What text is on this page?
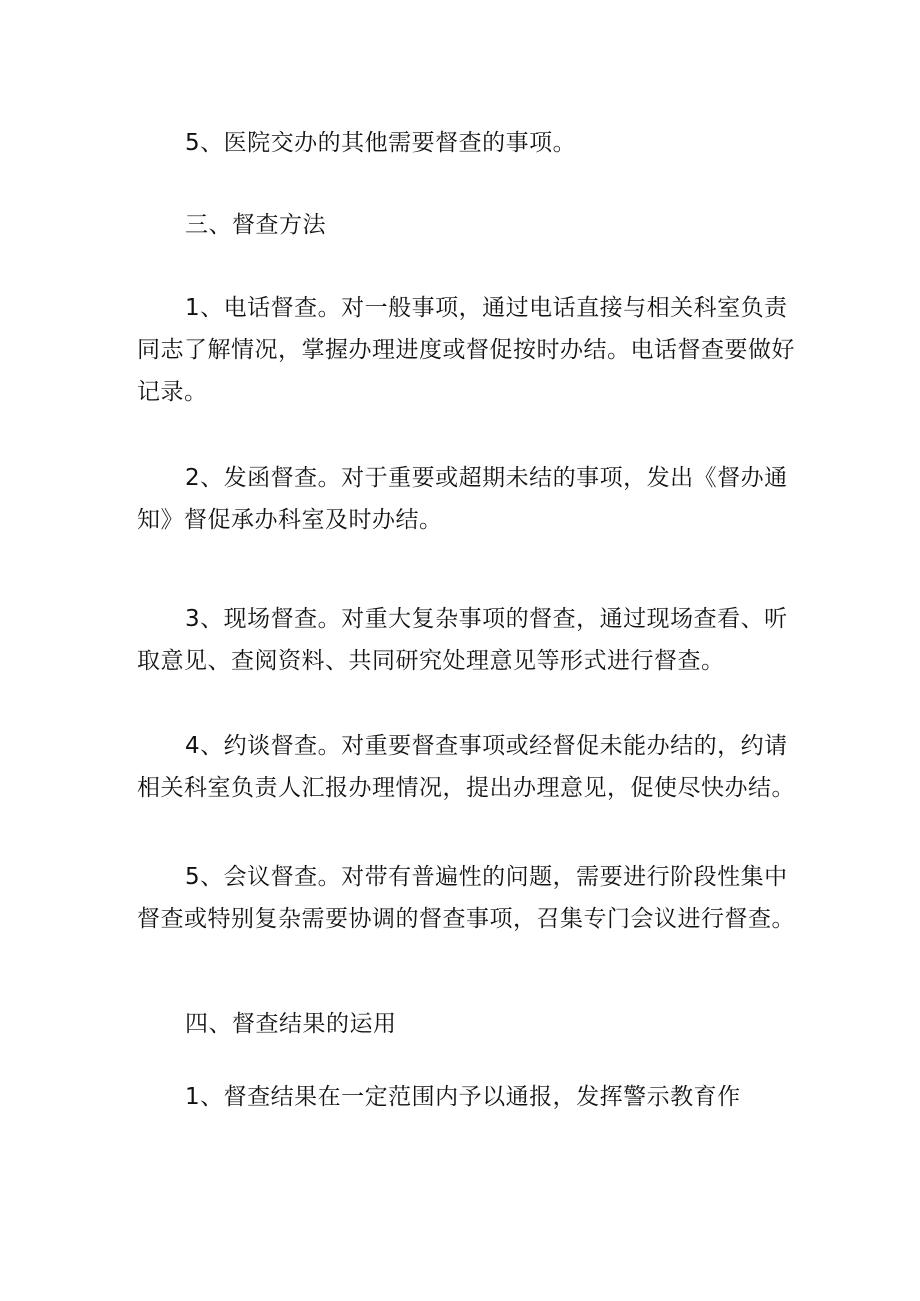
5、医院交办的其他需要督查的事项。

三、督查方法

1、电话督查。对一般事项，通过电话直接与相关科室负责同志了解情况，掌握办理进度或督促按时办结。电话督查要做好记录。

2、发函督查。对于重要或超期未结的事项，发出《督办通知》督促承办科室及时办结。

3、现场督查。对重大复杂事项的督查，通过现场查看、听取意见、查阅资料、共同研究处理意见等形式进行督查。

4、约谈督查。对重要督查事项或经督促未能办结的，约请相关科室负责人汇报办理情况，提出办理意见，促使尽快办结。

5、会议督查。对带有普遍性的问题，需要进行阶段性集中督查或特别复杂需要协调的督查事项，召集专门会议进行督查。

四、督查结果的运用

1、督查结果在一定范围内予以通报，发挥警示教育作
